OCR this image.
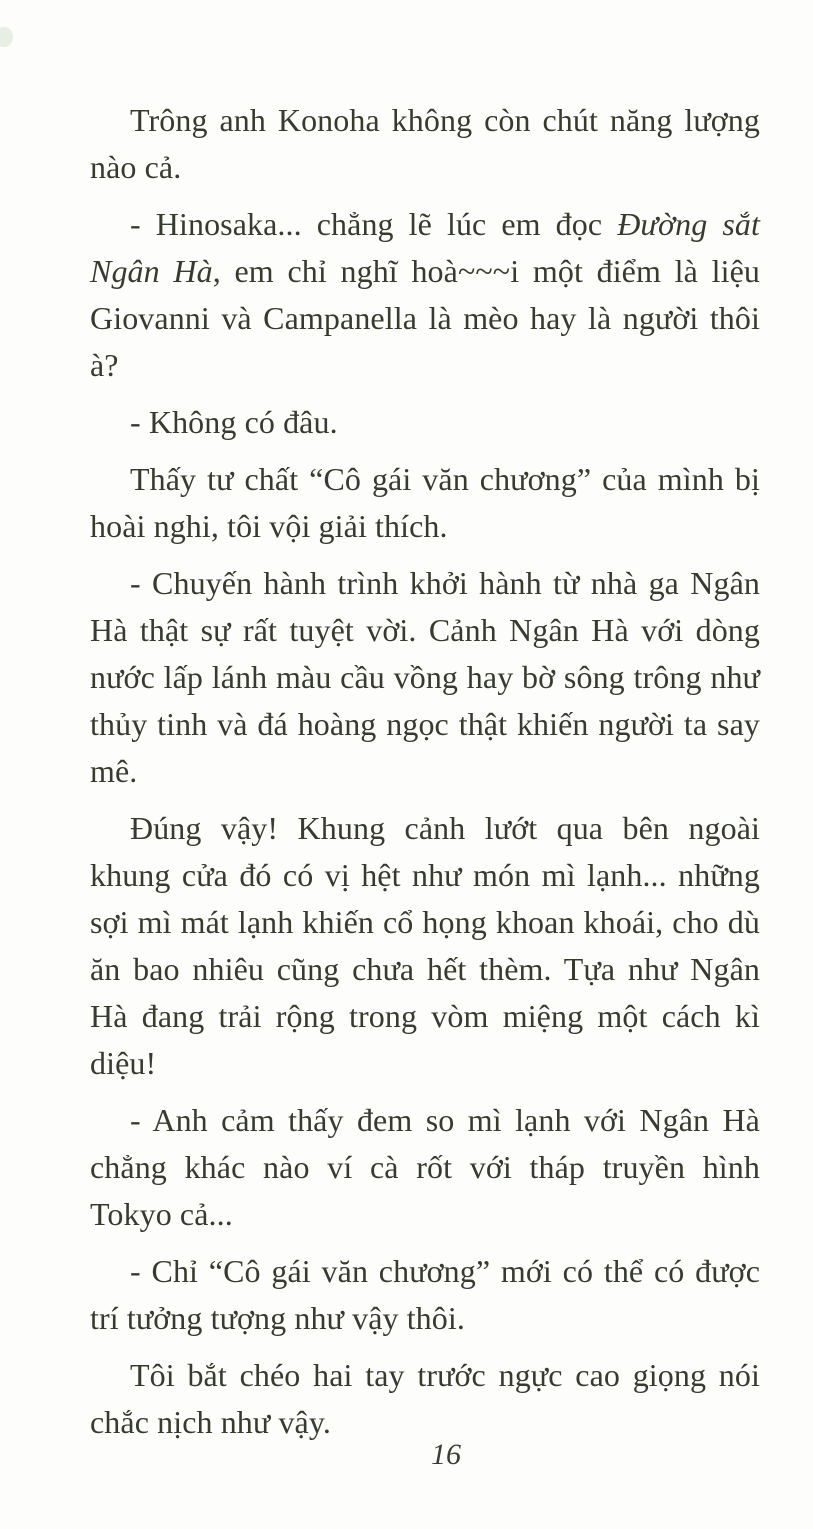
Trông anh Konoha không còn chút năng lượng nào cả.

- Hinosaka... chẳng lẽ lúc em đọc Đường sắt Ngân Hà, em chỉ nghĩ hoà~~~i một điểm là liệu Giovanni và Campanella là mèo hay là người thôi à?

- Không có đâu.

Thấy tư chất “Cô gái văn chương” của mình bị hoài nghi, tôi vội giải thích.

- Chuyến hành trình khởi hành từ nhà ga Ngân Hà thật sự rất tuyệt vời. Cảnh Ngân Hà với dòng nước lấp lánh màu cầu vồng hay bờ sông trông như thủy tinh và đá hoàng ngọc thật khiến người ta say mê.

Đúng vậy! Khung cảnh lướt qua bên ngoài khung cửa đó có vị hệt như món mì lạnh... những sợi mì mát lạnh khiến cổ họng khoan khoái, cho dù ăn bao nhiêu cũng chưa hết thèm. Tựa như Ngân Hà đang trải rộng trong vòm miệng một cách kì diệu!

- Anh cảm thấy đem so mì lạnh với Ngân Hà chẳng khác nào ví cà rốt với tháp truyền hình Tokyo cả...

- Chỉ “Cô gái văn chương” mới có thể có được trí tưởng tượng như vậy thôi.

Tôi bắt chéo hai tay trước ngực cao giọng nói chắc nịch như vậy.

16
